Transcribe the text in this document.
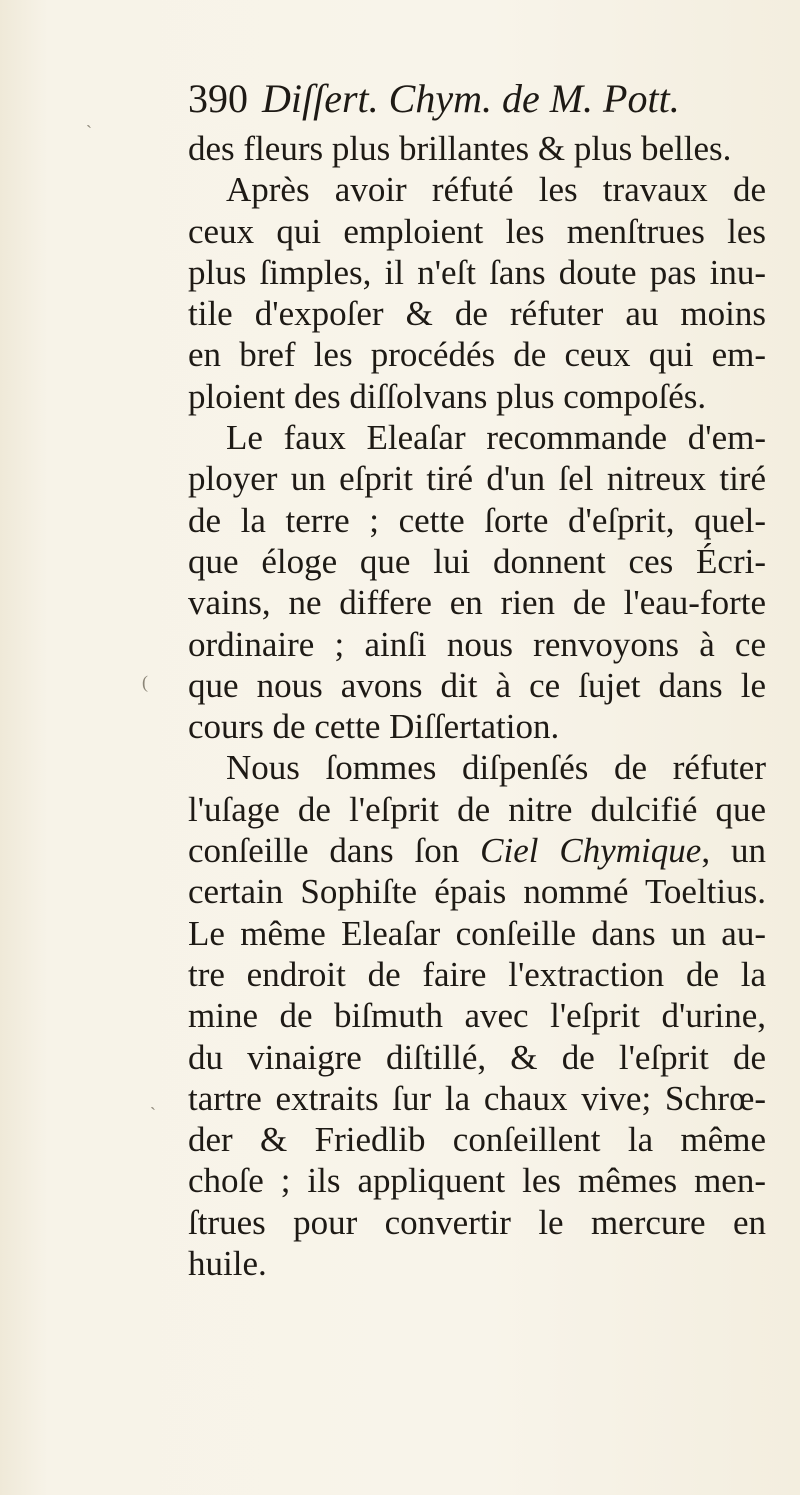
390 Diſſert. Chym. de M. Pott.
des fleurs plus brillantes & plus belles.
Après avoir réfuté les travaux de
ceux qui emploient les menſtrues les
plus ſimples, il n'eſt ſans doute pas inu-
tile d'expoſer & de réfuter au moins
en bref les procédés de ceux qui em-
ploient des diſſolvans plus compoſés.
Le faux Eleaſar recommande d'em-
ployer un eſprit tiré d'un ſel nitreux tiré
de la terre ; cette ſorte d'eſprit, quel-
que éloge que lui donnent ces Écri-
vains, ne differe en rien de l'eau-forte
ordinaire ; ainſi nous renvoyons à ce
que nous avons dit à ce ſujet dans le
cours de cette Diſſertation.
Nous ſommes diſpenſés de réfuter
l'uſage de l'eſprit de nitre dulcifié que
conſeille dans ſon Ciel Chymique, un
certain Sophiſte épais nommé Toeltius.
Le même Eleaſar conſeille dans un au-
tre endroit de faire l'extraction de la
mine de biſmuth avec l'eſprit d'urine,
du vinaigre diſtillé, & de l'eſprit de
tartre extraits ſur la chaux vive; Schrœ-
der & Friedlib conſeillent la même
choſe ; ils appliquent les mêmes men-
ſtrues pour convertir le mercure en
huile.
ˏ
(
ˏ
